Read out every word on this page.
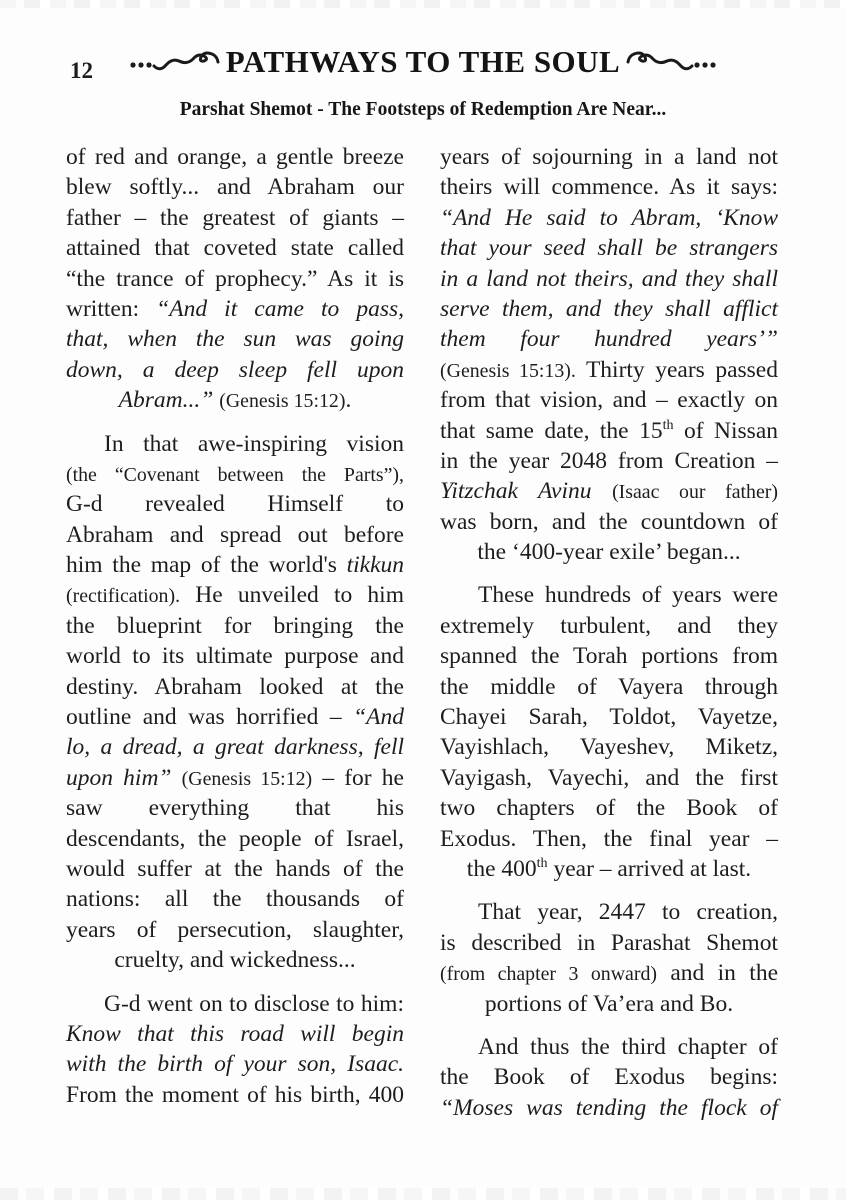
12	PATHWAYS TO THE SOUL
Parshat Shemot - The Footsteps of Redemption Are Near...
of red and orange, a gentle breeze
blew softly... and Abraham our
father – the greatest of giants –
attained that coveted state called
“the trance of prophecy.” As it is
written: “And it came to pass,
that, when the sun was going
down, a deep sleep fell upon
Abram...” (Genesis 15:12).
In that awe-inspiring vision
(the “Covenant between the Parts”),
G-d revealed Himself to
Abraham and spread out before
him the map of the world's tikkun
(rectification). He unveiled to him
the blueprint for bringing the
world to its ultimate purpose and
destiny. Abraham looked at the
outline and was horrified – “And
lo, a dread, a great darkness, fell
upon him” (Genesis 15:12) – for he
saw everything that his
descendants, the people of Israel,
would suffer at the hands of the
nations: all the thousands of
years of persecution, slaughter,
cruelty, and wickedness...
G-d went on to disclose to him:
Know that this road will begin
with the birth of your son, Isaac.
From the moment of his birth, 400
years of sojourning in a land not
theirs will commence. As it says:
“And He said to Abram, ‘Know
that your seed shall be strangers
in a land not theirs, and they shall
serve them, and they shall afflict
them four hundred years’”
(Genesis 15:13). Thirty years passed
from that vision, and – exactly on
that same date, the 15th of Nissan
in the year 2048 from Creation –
Yitzchak Avinu (Isaac our father)
was born, and the countdown of
the ‘400-year exile’ began...
These hundreds of years were
extremely turbulent, and they
spanned the Torah portions from
the middle of Vayera through
Chayei Sarah, Toldot, Vayetze,
Vayishlach, Vayeshev, Miketz,
Vayigash, Vayechi, and the first
two chapters of the Book of
Exodus. Then, the final year –
the 400th year – arrived at last.
That year, 2447 to creation,
is described in Parashat Shemot
(from chapter 3 onward) and in the
portions of Va’era and Bo.
And thus the third chapter of
the Book of Exodus begins:
“Moses was tending the flock of
